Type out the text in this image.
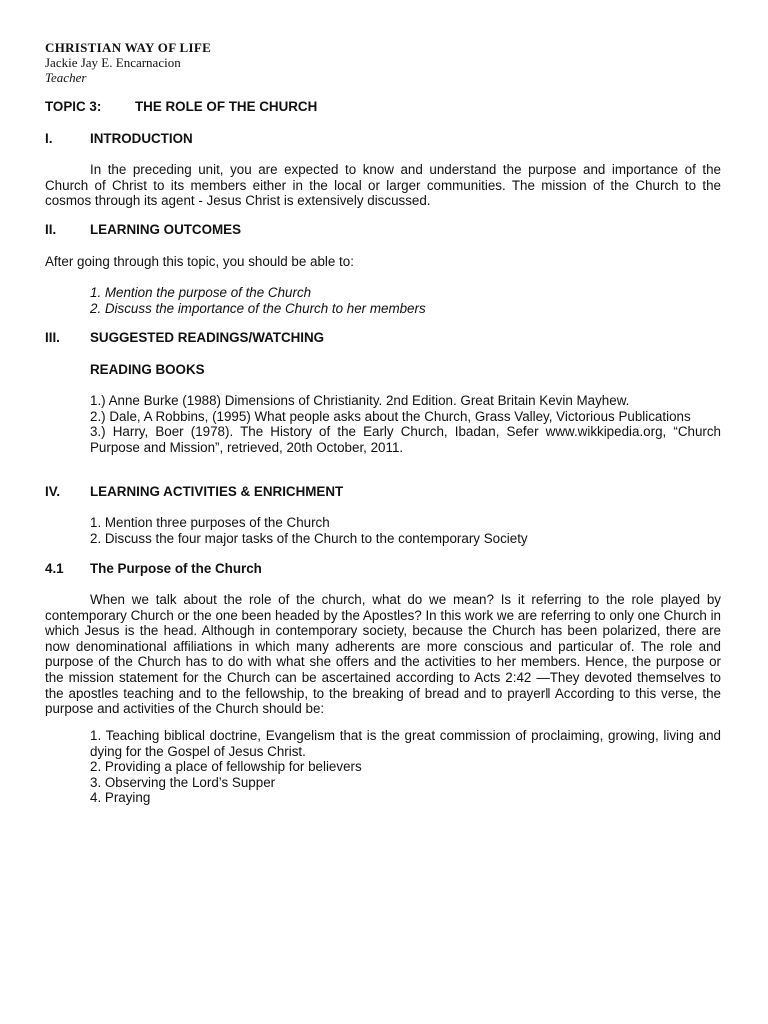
CHRISTIAN WAY OF LIFE
Jackie Jay E. Encarnacion
Teacher
TOPIC 3:	THE ROLE OF THE CHURCH
I.	INTRODUCTION
In the preceding unit, you are expected to know and understand the purpose and importance of the Church of Christ to its members either in the local or larger communities. The mission of the Church to the cosmos through its agent - Jesus Christ is extensively discussed.
II.	LEARNING OUTCOMES
After going through this topic, you should be able to:
1. Mention the purpose of the Church
2. Discuss the importance of the Church to her members
III. SUGGESTED READINGS/WATCHING
READING BOOKS
1.) Anne Burke (1988) Dimensions of Christianity. 2nd Edition. Great Britain Kevin Mayhew.
2.) Dale, A Robbins, (1995) What people asks about the Church, Grass Valley, Victorious Publications
3.) Harry, Boer (1978). The History of the Early Church, Ibadan, Sefer www.wikkipedia.org, “Church Purpose and Mission”, retrieved, 20th October, 2011.
IV. LEARNING ACTIVITIES & ENRICHMENT
1. Mention three purposes of the Church
2. Discuss the four major tasks of the Church to the contemporary Society
4.1 The Purpose of the Church
When we talk about the role of the church, what do we mean? Is it referring to the role played by contemporary Church or the one been headed by the Apostles? In this work we are referring to only one Church in which Jesus is the head. Although in contemporary society, because the Church has been polarized, there are now denominational affiliations in which many adherents are more conscious and particular of. The role and purpose of the Church has to do with what she offers and the activities to her members. Hence, the purpose or the mission statement for the Church can be ascertained according to Acts 2:42 ―They devoted themselves to the apostles teaching and to the fellowship, to the breaking of bread and to prayer‖ According to this verse, the purpose and activities of the Church should be:
1. Teaching biblical doctrine, Evangelism that is the great commission of proclaiming, growing, living and dying for the Gospel of Jesus Christ.
2. Providing a place of fellowship for believers
3. Observing the Lord’s Supper
4. Praying
